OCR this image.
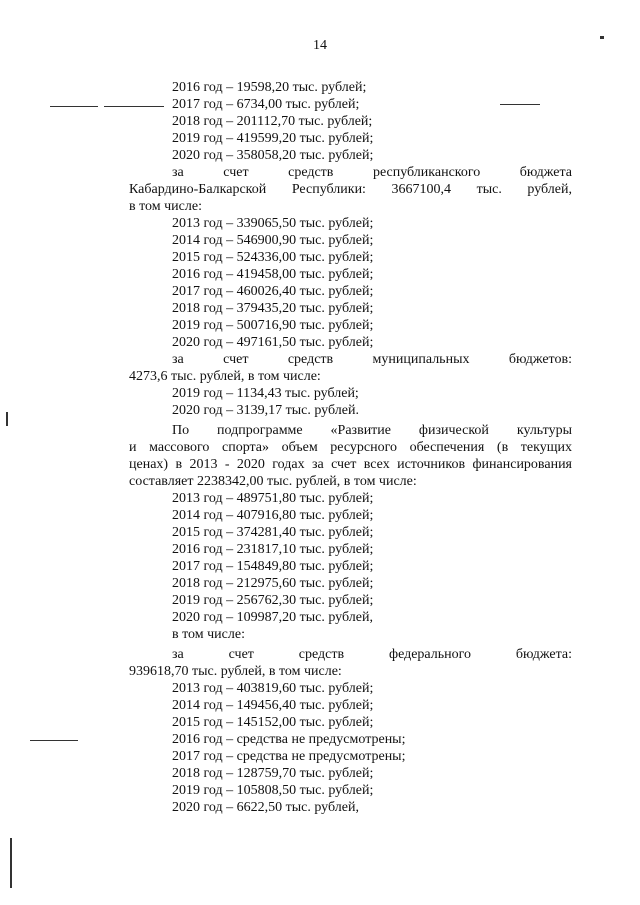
14
2016 год – 19598,20 тыс. рублей;
2017 год – 6734,00 тыс. рублей;
2018 год – 201112,70 тыс. рублей;
2019 год – 419599,20 тыс. рублей;
2020 год – 358058,20 тыс. рублей;
за счет средств республиканского бюджета
Кабардино-Балкарской Республики: 3667100,4 тыс. рублей,
в том числе:
2013 год – 339065,50 тыс. рублей;
2014 год – 546900,90 тыс. рублей;
2015 год – 524336,00 тыс. рублей;
2016 год – 419458,00 тыс. рублей;
2017 год – 460026,40 тыс. рублей;
2018 год – 379435,20 тыс. рублей;
2019 год – 500716,90 тыс. рублей;
2020 год – 497161,50 тыс. рублей;
за счет средств муниципальных бюджетов:
4273,6 тыс. рублей, в том числе:
2019 год – 1134,43 тыс. рублей;
2020 год – 3139,17 тыс. рублей.
По подпрограмме «Развитие физической культуры
и массового спорта» объем ресурсного обеспечения (в текущих
ценах) в 2013 - 2020 годах за счет всех источников финансирования
составляет 2238342,00 тыс. рублей, в том числе:
2013 год – 489751,80 тыс. рублей;
2014 год – 407916,80 тыс. рублей;
2015 год – 374281,40 тыс. рублей;
2016 год – 231817,10 тыс. рублей;
2017 год – 154849,80 тыс. рублей;
2018 год – 212975,60 тыс. рублей;
2019 год – 256762,30 тыс. рублей;
2020 год – 109987,20 тыс. рублей,
в том числе:
за счет средств федерального бюджета:
939618,70 тыс. рублей, в том числе:
2013 год – 403819,60 тыс. рублей;
2014 год – 149456,40 тыс. рублей;
2015 год – 145152,00 тыс. рублей;
2016 год – средства не предусмотрены;
2017 год – средства не предусмотрены;
2018 год – 128759,70 тыс. рублей;
2019 год – 105808,50 тыс. рублей;
2020 год – 6622,50 тыс. рублей,
